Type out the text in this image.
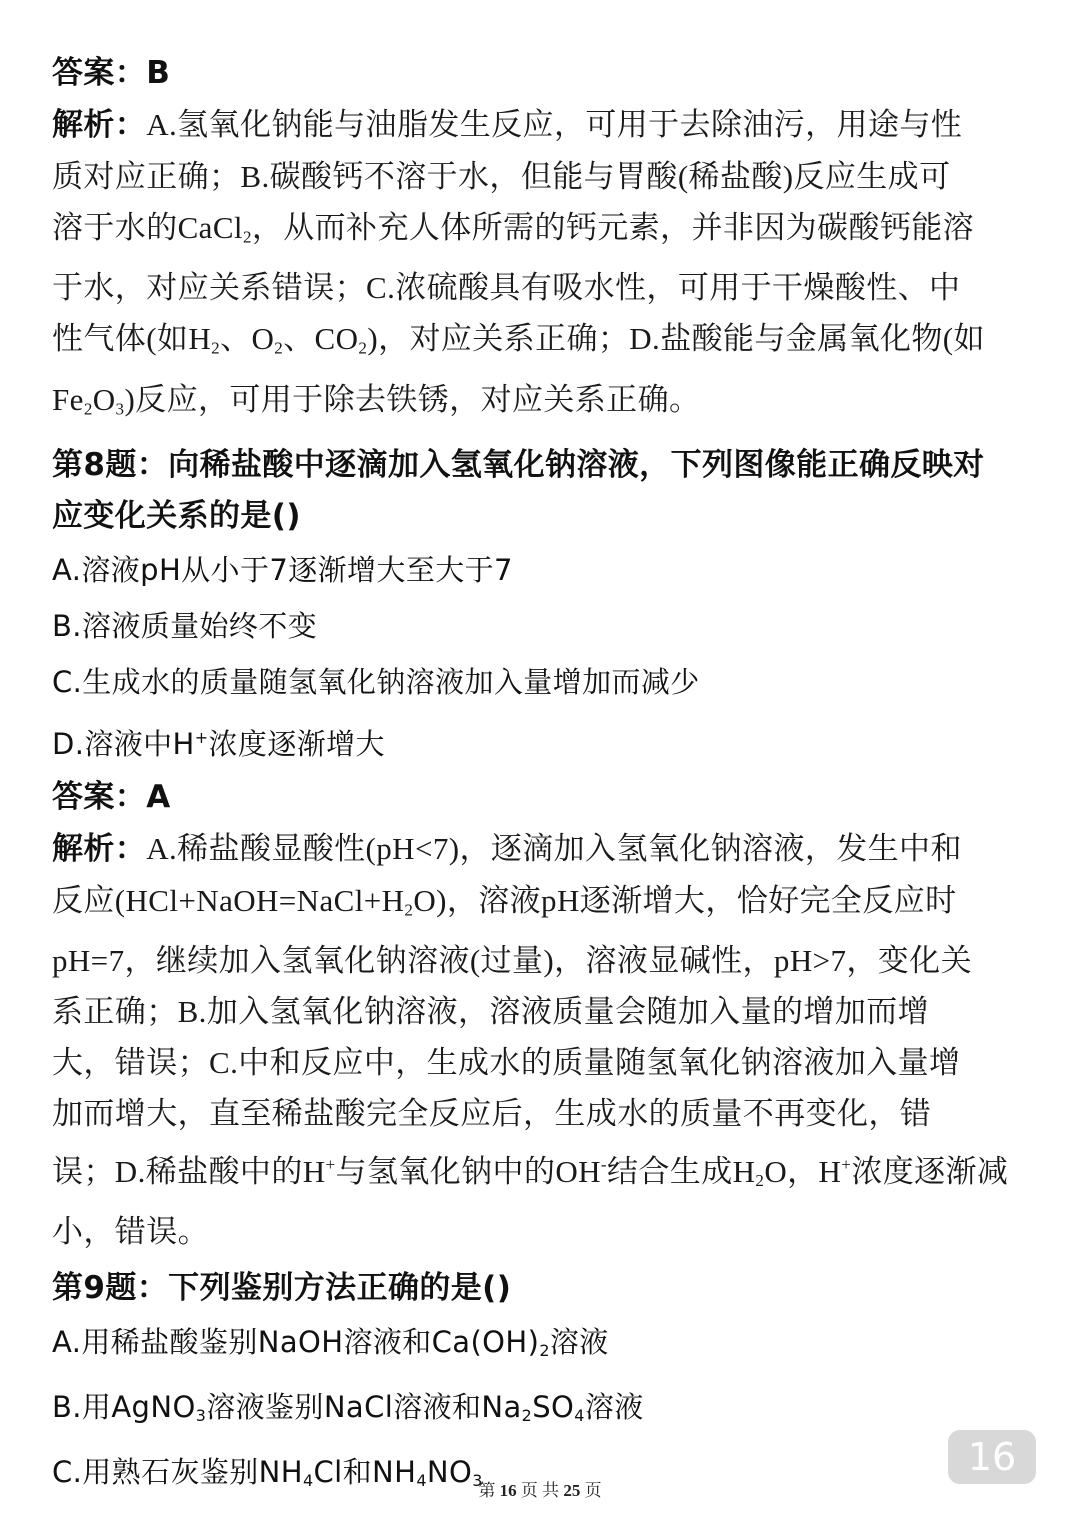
答案：B
解析：A.氢氧化钠能与油脂发生反应，可用于去除油污，用途与性
质对应正确；B.碳酸钙不溶于水，但能与胃酸(稀盐酸)反应生成可
溶于水的CaCl$_2$，从而补充人体所需的钙元素，并非因为碳酸钙能溶
于水，对应关系错误；C.浓硫酸具有吸水性，可用于干燥酸性、中
性气体(如$H_2$、$O_2$、$CO_2$)，对应关系正确；D.盐酸能与金属氧化物(如
$Fe_2O_3$)反应，可用于除去铁锈，对应关系正确。
第8题：向稀盐酸中逐滴加入氢氧化钠溶液，下列图像能正确反映对
应变化关系的是()
A.溶液pH从小于7逐渐增大至大于7
B.溶液质量始终不变
C.生成水的质量随氢氧化钠溶液加入量增加而减少
D.溶液中H+浓度逐渐增大
答案：A
解析：A.稀盐酸显酸性(pH<7)，逐滴加入氢氧化钠溶液，发生中和
反应$(HCl+NaOH=NaCl+H_2O)$，溶液pH逐渐增大，恰好完全反应时
pH=7，继续加入氢氧化钠溶液(过量)，溶液显碱性，pH>7，变化关
系正确；B.加入氢氧化钠溶液，溶液质量会随加入量的增加而增
大，错误；C.中和反应中，生成水的质量随氢氧化钠溶液加入量增
加而增大，直至稀盐酸完全反应后，生成水的质量不再变化，错
误；D.稀盐酸中的H+与氢氧化钠中的OH-结合生成$H_2O$，H+浓度逐渐减
小，错误。
第9题：下列鉴别方法正确的是()
A.用稀盐酸鉴别NaOH溶液和$Ca(OH)_2$溶液
B.用AgNO$_3$溶液鉴别NaCl溶液和$Na_2SO_4$溶液
C.用熟石灰鉴别$NH_4Cl$和$NH_4NO_3$
16
第 16 页 共 25 页
